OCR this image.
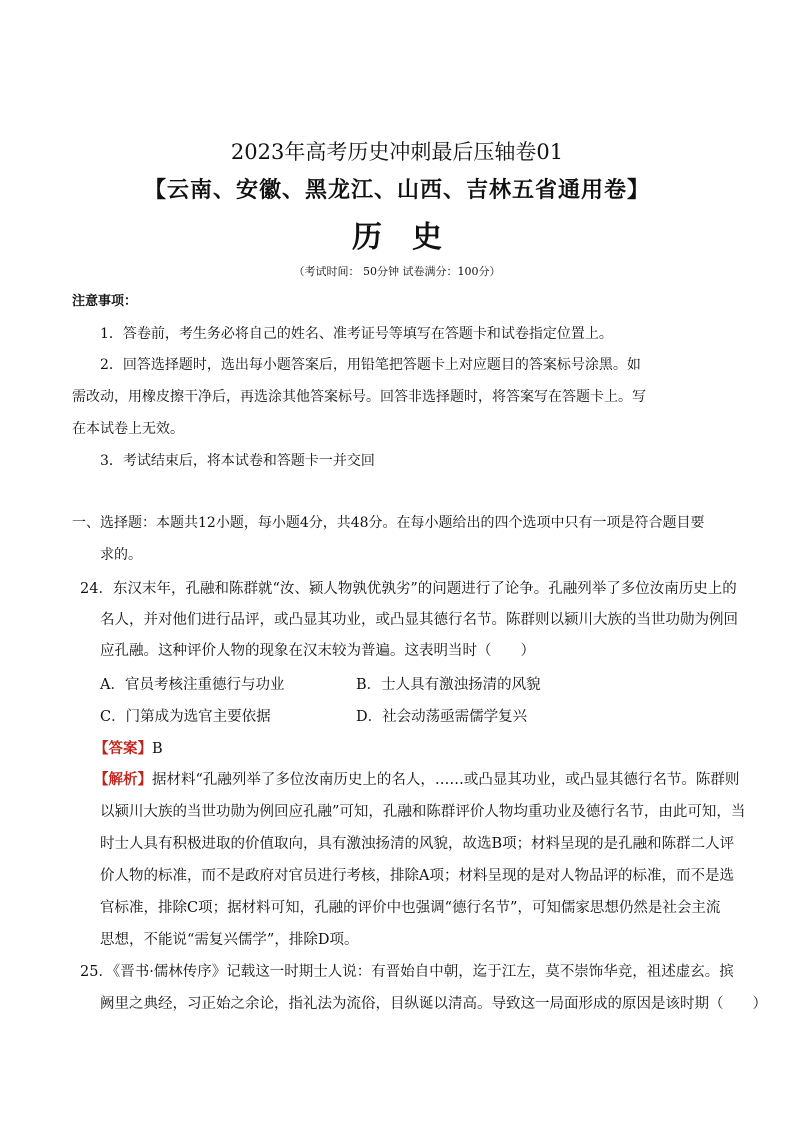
2023年高考历史冲刺最后压轴卷01
【云南、安徽、黑龙江、山西、吉林五省通用卷】
历史
（考试时间： 50分钟 试卷满分：100分）
注意事项：
1．答卷前，考生务必将自己的姓名、准考证号等填写在答题卡和试卷指定位置上。
2．回答选择题时，选出每小题答案后，用铅笔把答题卡上对应题目的答案标号涂黑。如
需改动，用橡皮擦干净后，再选涂其他答案标号。回答非选择题时，将答案写在答题卡上。写
在本试卷上无效。
3．考试结束后，将本试卷和答题卡一并交回
一、选择题：本题共12小题，每小题4分，共48分。在每小题给出的四个选项中只有一项是符合题目要
求的。
24．东汉末年，孔融和陈群就“汝、颍人物孰优孰劣”的问题进行了论争。孔融列举了多位汝南历史上的
名人，并对他们进行品评，或凸显其功业，或凸显其德行名节。陈群则以颍川大族的当世功勋为例回
应孔融。这种评价人物的现象在汉末较为普遍。这表明当时（　　）
A．官员考核注重德行与功业	B．士人具有激浊扬清的风貌
C．门第成为选官主要依据	D．社会动荡亟需儒学复兴
【答案】B
【解析】据材料“孔融列举了多位汝南历史上的名人，……或凸显其功业，或凸显其德行名节。陈群则
以颍川大族的当世功勋为例回应孔融”可知，孔融和陈群评价人物均重功业及德行名节，由此可知，当
时士人具有积极进取的价值取向，具有激浊扬清的风貌，故选B项；材料呈现的是孔融和陈群二人评
价人物的标准，而不是政府对官员进行考核，排除A项；材料呈现的是对人物品评的标准，而不是选
官标准，排除C项；据材料可知，孔融的评价中也强调“德行名节”，可知儒家思想仍然是社会主流
思想，不能说“需复兴儒学”，排除D项。
25．《晋书·儒林传序》记载这一时期士人说：有晋始自中朝，迄于江左，莫不崇饰华竞，祖述虚玄。摈
阙里之典经，习正始之余论，指礼法为流俗，目纵诞以清高。导致这一局面形成的原因是该时期（　　）
